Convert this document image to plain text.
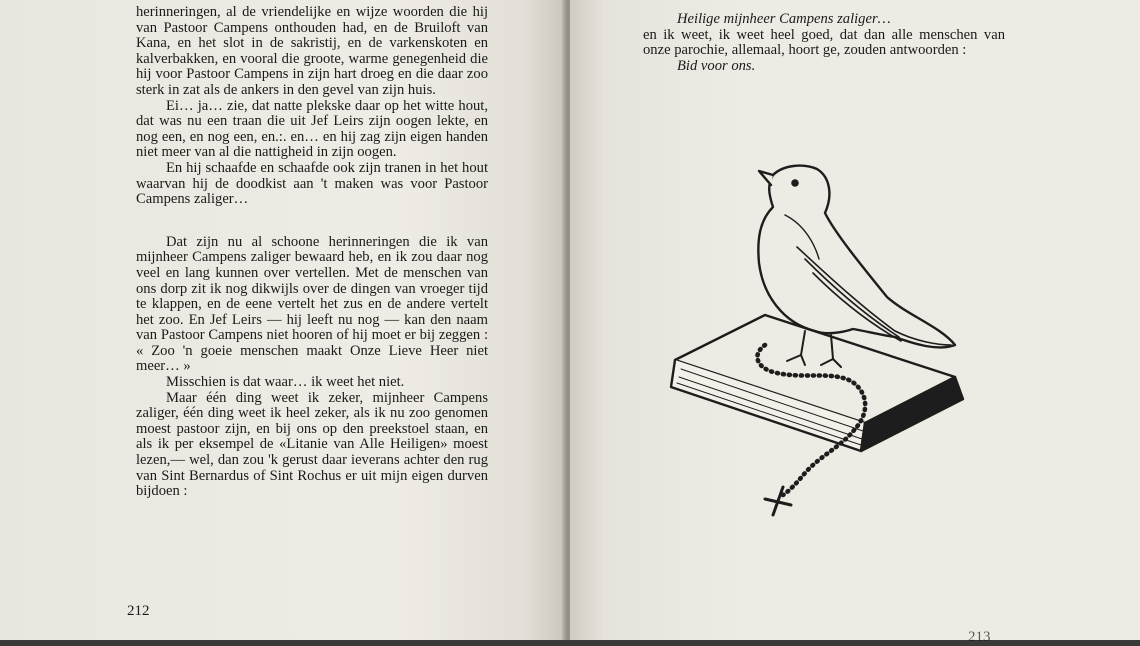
herinneringen, al de vriendelijke en wijze woorden die hij van Pastoor Campens onthouden had, en de Bruiloft van Kana, en het slot in de sakristij, en de varkenskoten en kalverbakken, en vooral die groote, warme genegenheid die hij voor Pastoor Campens in zijn hart droeg en die daar zoo sterk in zat als de ankers in den gevel van zijn huis.

Ei… ja… zie, dat natte plekske daar op het witte hout, dat was nu een traan die uit Jef Leirs zijn oogen lekte, en nog een, en nog een, en.:. en… en hij zag zijn eigen handen niet meer van al die nattigheid in zijn oogen.

En hij schaafde en schaafde ook zijn tranen in het hout waarvan hij de doodkist aan 't maken was voor Pastoor Campens zaliger…

Dat zijn nu al schoone herinneringen die ik van mijnheer Campens zaliger bewaard heb, en ik zou daar nog veel en lang kunnen over vertellen. Met de menschen van ons dorp zit ik nog dikwijls over de dingen van vroeger tijd te klappen, en de eene vertelt het zus en de andere vertelt het zoo. En Jef Leirs — hij leeft nu nog — kan den naam van Pastoor Campens niet hooren of hij moet er bij zeggen : « Zoo 'n goeie menschen maakt Onze Lieve Heer niet meer… »

Misschien is dat waar… ik weet het niet.

Maar één ding weet ik zeker, mijnheer Campens zaliger, één ding weet ik heel zeker, als ik nu zoo genomen moest pastoor zijn, en bij ons op den preekstoel staan, en als ik per eksempel de «Litanie van Alle Heiligen» moest lezen,— wel, dan zou 'k gerust daar ieverans achter den rug van Sint Bernardus of Sint Rochus er uit mijn eigen durven bijdoen :

212

Heilige mijnheer Campens zaliger…

en ik weet, ik weet heel goed, dat dan alle menschen van onze parochie, allemaal, hoort ge, zouden antwoorden :

Bid voor ons.

213
